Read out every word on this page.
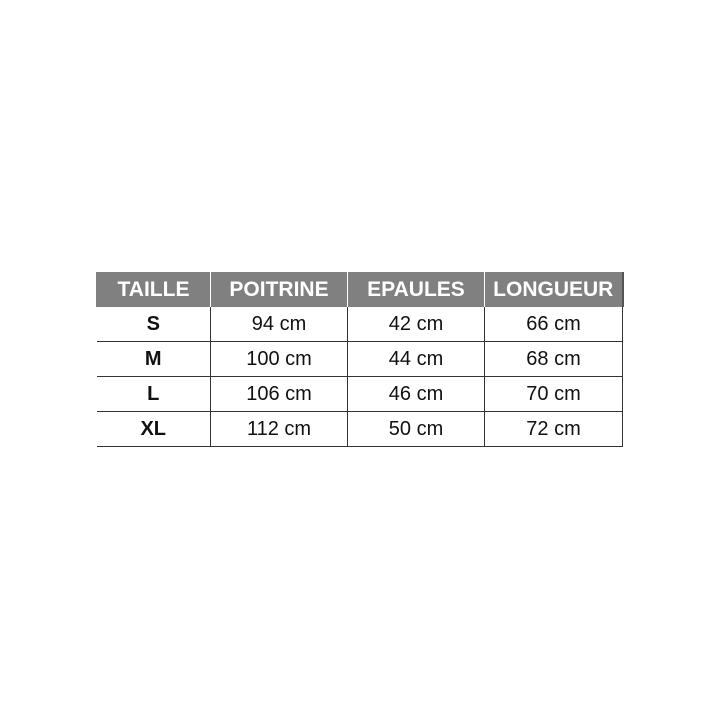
TAILLE	POITRINE	EPAULES	LONGUEUR
S	94 cm	42 cm	66 cm
M	100 cm	44 cm	68 cm
L	106 cm	46 cm	70 cm
XL	112 cm	50 cm	72 cm
